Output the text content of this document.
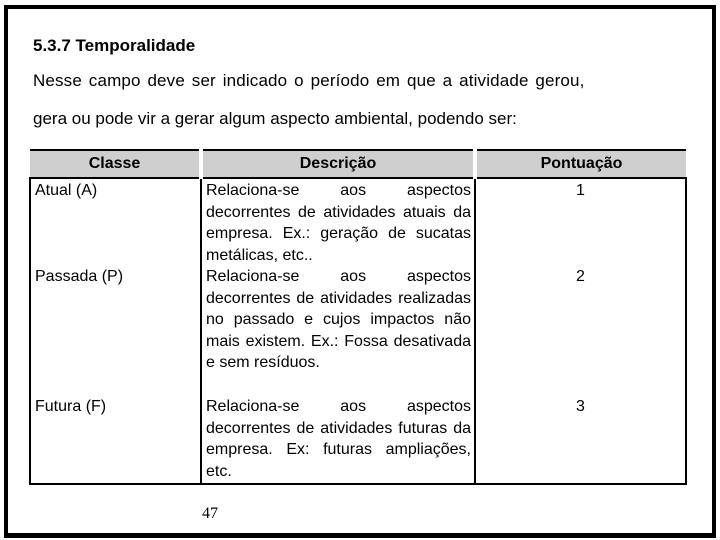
5.3.7 Temporalidade
Nesse campo deve ser indicado o período em que a atividade gerou,
gera ou pode vir a gerar algum aspecto ambiental, podendo ser:
Classe	Descrição	Pontuação
Atual (A)	Relaciona-se aos aspectos decorrentes de atividades atuais da empresa. Ex.: geração de sucatas metálicas, etc..	1
Passada (P)	Relaciona-se aos aspectos decorrentes de atividades realizadas no passado e cujos impactos não mais existem. Ex.: Fossa desativada e sem resíduos.	2
Futura (F)	Relaciona-se aos aspectos decorrentes de atividades futuras da empresa. Ex: futuras ampliações, etc.	3
47
